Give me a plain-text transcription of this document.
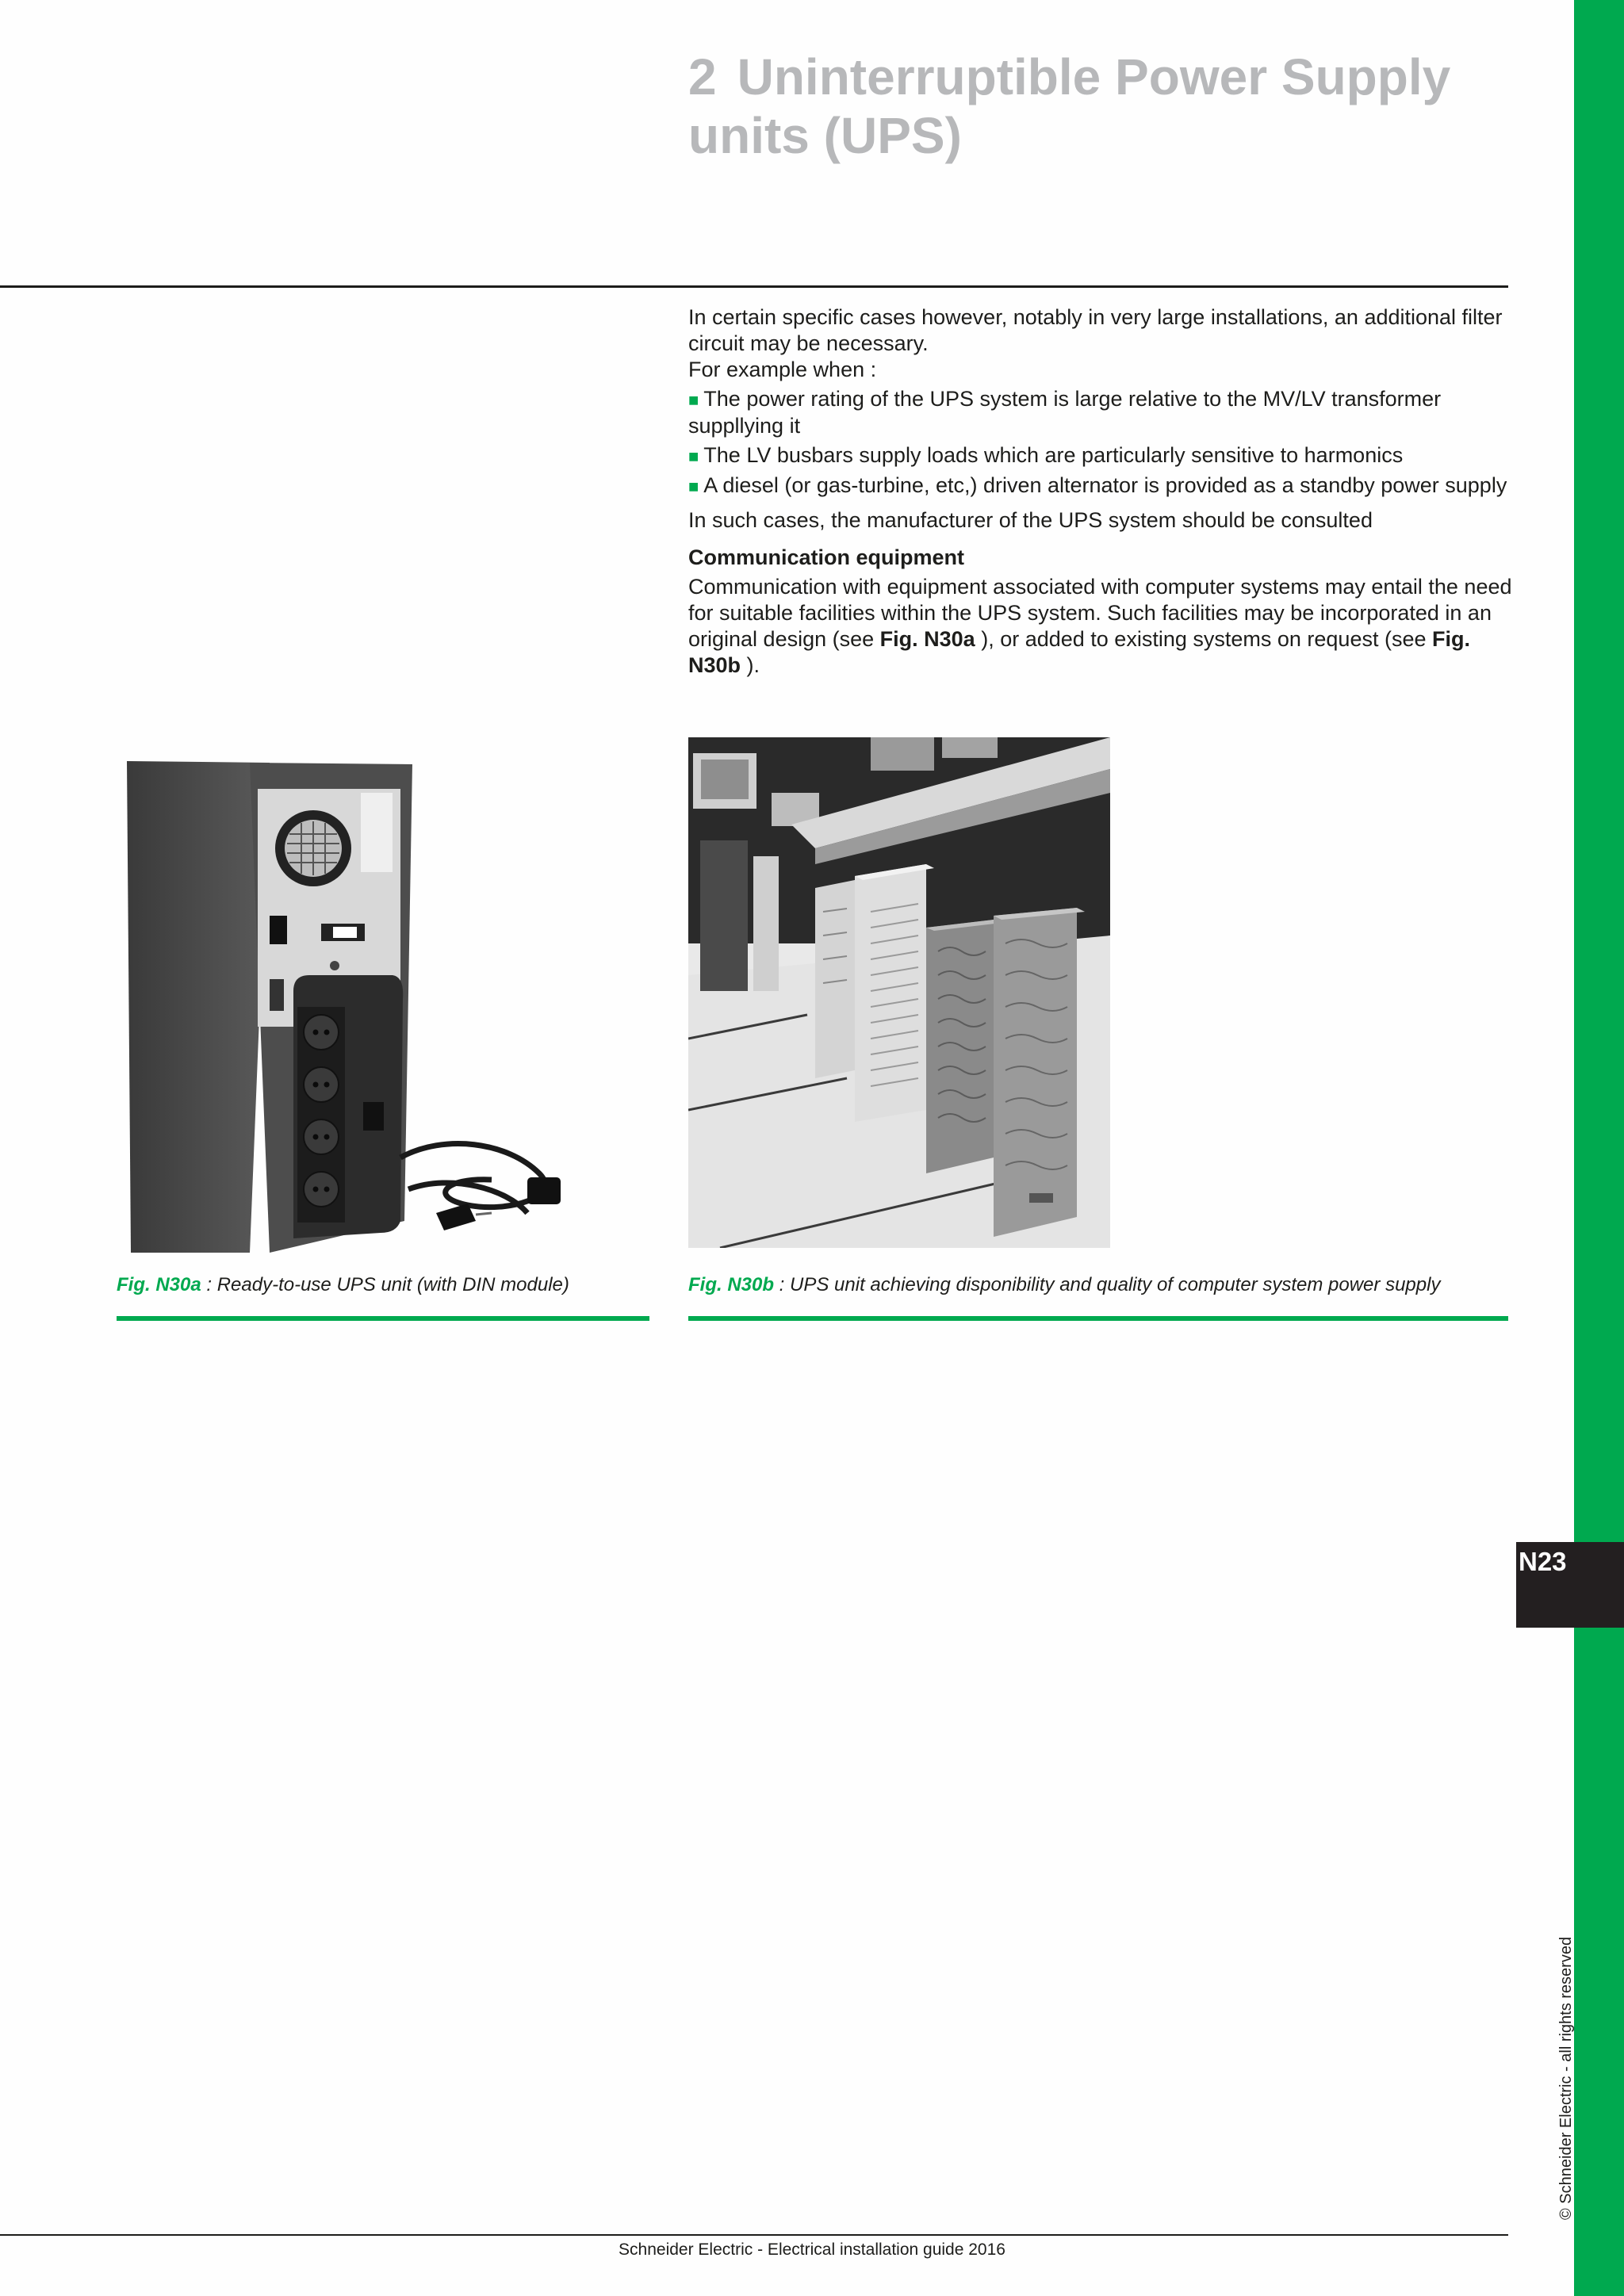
N23
© Schneider Electric - all rights reserved
2 Uninterruptible Power Supply units (UPS)

In certain specific cases however, notably in very large installations, an additional filter circuit may be necessary.

For example when :

■ The power rating of the UPS system is large relative to the MV/LV transformer suppllying it

■ The LV busbars supply loads which are particularly sensitive to harmonics

■ A diesel (or gas-turbine, etc,) driven alternator is provided as a standby power supply

In such cases, the manufacturer of the UPS system should be consulted

Communication equipment

Communication with equipment associated with computer systems may entail the need for suitable facilities within the UPS system. Such facilities may be incorporated in an original design (see Fig. N30a ), or added to existing systems on request (see Fig. N30b ).

Fig. N30a : Ready-to-use UPS unit (with DIN module)	Fig. N30b : UPS unit achieving disponibility and quality of computer system power supply
Schneider Electric - Electrical installation guide 2016
